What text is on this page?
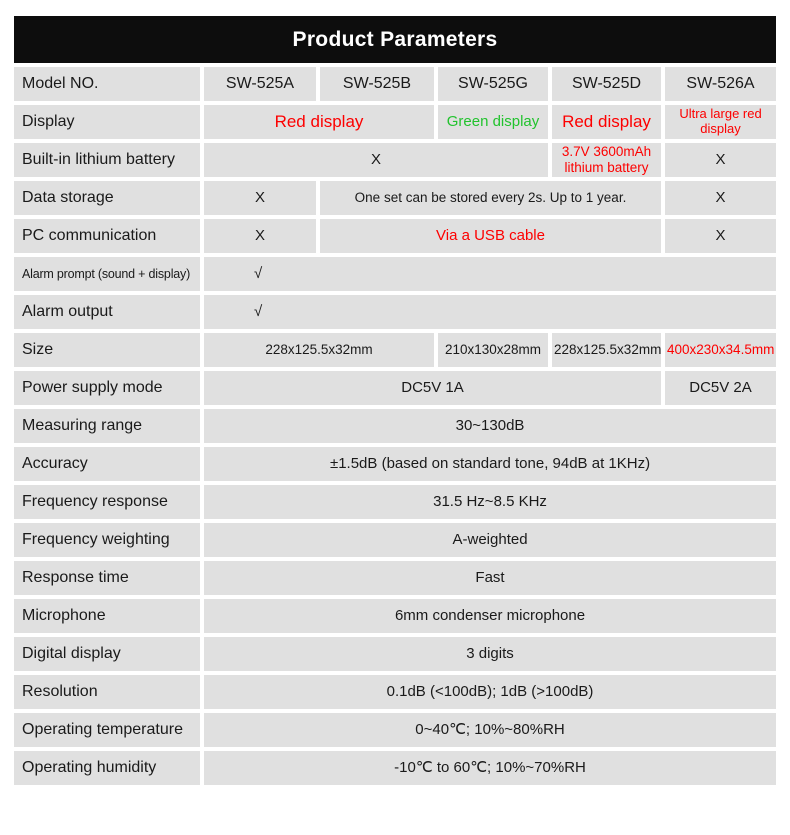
Product Parameters					
Model NO.	SW-525A	SW-525B	SW-525G	SW-525D	SW-526A
Display	Red display		Green display	Red display	Ultra large red display
Built-in lithium battery	X			3.7V 3600mAh lithium battery	X
Data storage	X	One set can be stored every 2s. Up to 1 year.			X
PC communication	X	Via a USB cable			X
Alarm prompt (sound + display)	√				
Alarm output	√				
Size	228x125.5x32mm		210x130x28mm	228x125.5x32mm	400x230x34.5mm
Power supply mode	DC5V 1A				DC5V 2A
Measuring range	30~130dB				
Accuracy	±1.5dB (based on standard tone, 94dB at 1KHz)				
Frequency response	31.5 Hz~8.5 KHz				
Frequency weighting	A-weighted				
Response time	Fast				
Microphone	6mm condenser microphone				
Digital display	3 digits				
Resolution	0.1dB (<100dB); 1dB (>100dB)				
Operating temperature	0~40℃; 10%~80%RH				
Operating humidity	-10℃ to 60℃; 10%~70%RH				
